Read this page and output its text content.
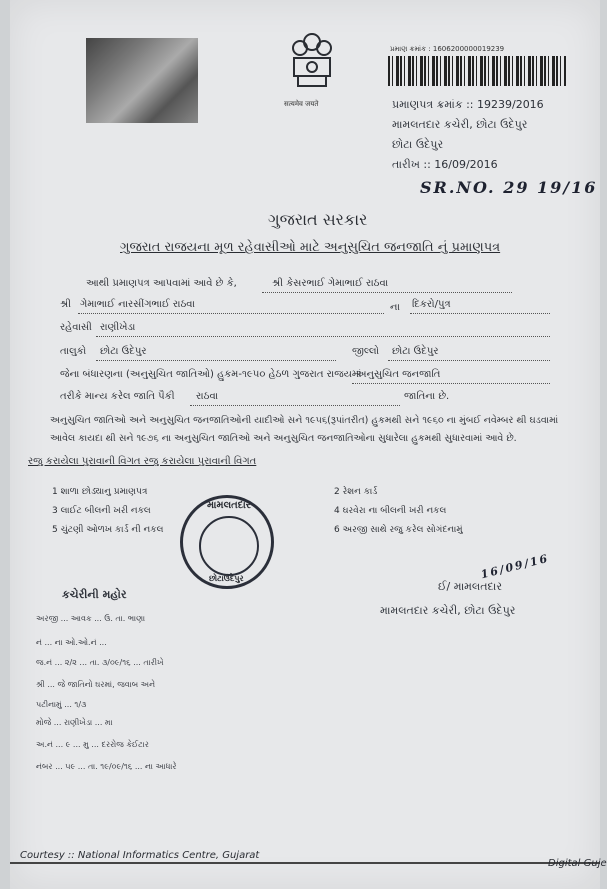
सत्यमेव जयते
પ્રમાણ ક્રમાંક : 1606200000019239
પ્રમાણપત્ર ક્રમાંક :: 19239/2016
મામલતદાર કચેરી, છોટા ઉદેપુર
છોટા ઉદેપુર
તારીખ :: 16/09/2016
SR.NO. 29 19/16
ગુજરાત સરકાર
ગુજરાત રાજયના મૂળ રહેવાસીઓ માટે અનુસુચિત જનજાતિ નું પ્રમાણપત્ર
આથી પ્રમાણપત્ર આપવામાં આવે છે કે,	શ્રી કેસરભાઈ ગેમાભાઈ રાઠવા
શ્રી ગેમાભાઈ નારસીંગભાઈ રાઠવા	ના દિકરો/પુત્ર
રહેવાસી રાણીખેડા
તાલુકો છોટા ઉદેપુર	જીલ્લો છોટા ઉદેપુર
જેના બંધારણના (અનુસુચિત જાતિઓ) હુકમ-૧૯૫૦ હેઠળ ગુજરાત રાજયમાં
અનુસુચિત જનજાતિ
તરીકે માન્ય કરેલ જાતિ પૈકી રાઠવા	જાતિના છે.
અનુસુચિત જાતિઓ અને અનુસુચિત જનજાતિઓની યાદીઓ સને ૧૯૫૬(રૂપાંતરીત) હુકમથી સને ૧૯૬૦ ના મુંબઈ નવેમ્બર થી ઘડવામાં આવેલ કાયદા થી સને ૧૯૭૬ ના અનુસુચિત જાતિઓ અને અનુસુચિત જનજાતિઓના સુધારેલા હુકમથી સુધારવામાં આવે છે.
રજુ કરાયેલા પુરાવાની વિગત રજુ કરાયેલા પુરાવાની વિગત
1 શાળા છોડ્યાનુ પ્રમાણપત્ર	2 રેશન કાર્ડ
3 લાઈટ બીલની ખરી નકલ	4 ઘરવેરા ના બીલની ખરી નકલ
5 ચુંટણી ઓળખ કાર્ડ ની નકલ	6 અરજી સાથે રજુ કરેલ સોગંદનામું
મામલતદાર
છોટાઉદેપુર	16/09/16
ઈ/ મામલતદાર
મામલતદાર કચેરી, છોટા ઉદેપુર
કચેરીની મહોર
અરજી ... આવક ... ઉ. તા. ભાણા
નં ... ના ઓ.ઓ.નં ...
જ.નં ... ૨/૨ ... તા. ૩/૦૯/૧૬ ... તારીખે
શ્રી ... જે જાતિનો ઘરમાં, જવાબ અને
પટીનામું ... ૧/૩
મોજે ... રાણીખેડા ... મા
અ.નં ... ૯ ... મુ ... દરરોજ કેઈટાર
નંબર ... ૫૯ ... તા. ૧૯/૦૯/૧૬ ... ના આધારે
Courtesy :: National Informatics Centre, Gujarat
Digital Guje
